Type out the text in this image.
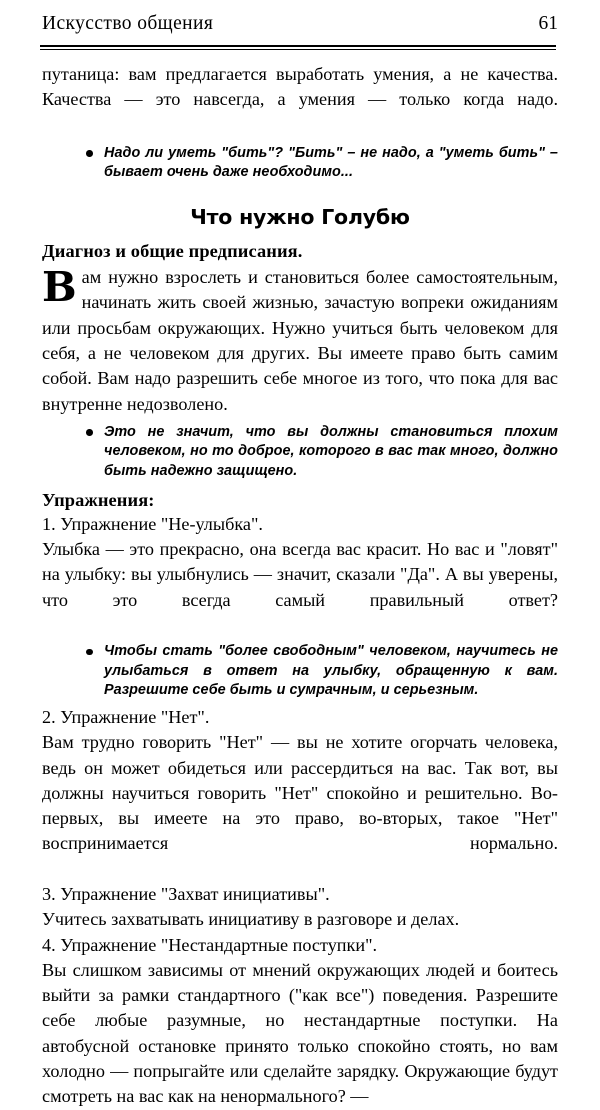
Искусство общения	61

путаница: вам предлагается выработать умения, а не качества. Качества — это навсегда, а умения — только когда надо.

Надо ли уметь "бить"? "Бить" – не надо, а "уметь бить" – бывает очень даже необходимо...
Что нужно Голубю
Диагноз и общие предписания.
Вам нужно взрослеть и становиться более самостоятельным, начинать жить своей жизнью, зачастую вопреки ожиданиям или просьбам окружающих. Нужно учиться быть человеком для себя, а не человеком для других. Вы имеете право быть самим собой. Вам надо разрешить себе многое из того, что пока для вас внутренне недозволено.
Это не значит, что вы должны становиться плохим человеком, но то доброе, которого в вас так много, должно быть надежно защищено.
Упражнения:

1. Упражнение "Не-улыбка".

Улыбка — это прекрасно, она всегда вас красит. Но вас и "ловят" на улыбку: вы улыбнулись — значит, сказали "Да". А вы уверены, что это всегда самый правильный ответ?

Чтобы стать "более свободным" человеком, научитесь не улыбаться в ответ на улыбку, обращенную к вам. Разрешите себе быть и сумрачным, и серьезным.

2. Упражнение "Нет".

Вам трудно говорить "Нет" — вы не хотите огорчать человека, ведь он может обидеться или рассердиться на вас. Так вот, вы должны научиться говорить "Нет" спокойно и решительно. Во-первых, вы имеете на это право, во-вторых, такое "Нет" воспринимается нормально.

3. Упражнение "Захват инициативы".

Учитесь захватывать инициативу в разговоре и делах.

4. Упражнение "Нестандартные поступки".

Вы слишком зависимы от мнений окружающих людей и боитесь выйти за рамки стандартного ("как все") поведения. Разрешите себе любые разумные, но нестандартные поступки. На автобусной остановке принято только спокойно стоять, но вам холодно — попрыгайте или сделайте зарядку. Окружающие будут смотреть на вас как на ненормального? —
